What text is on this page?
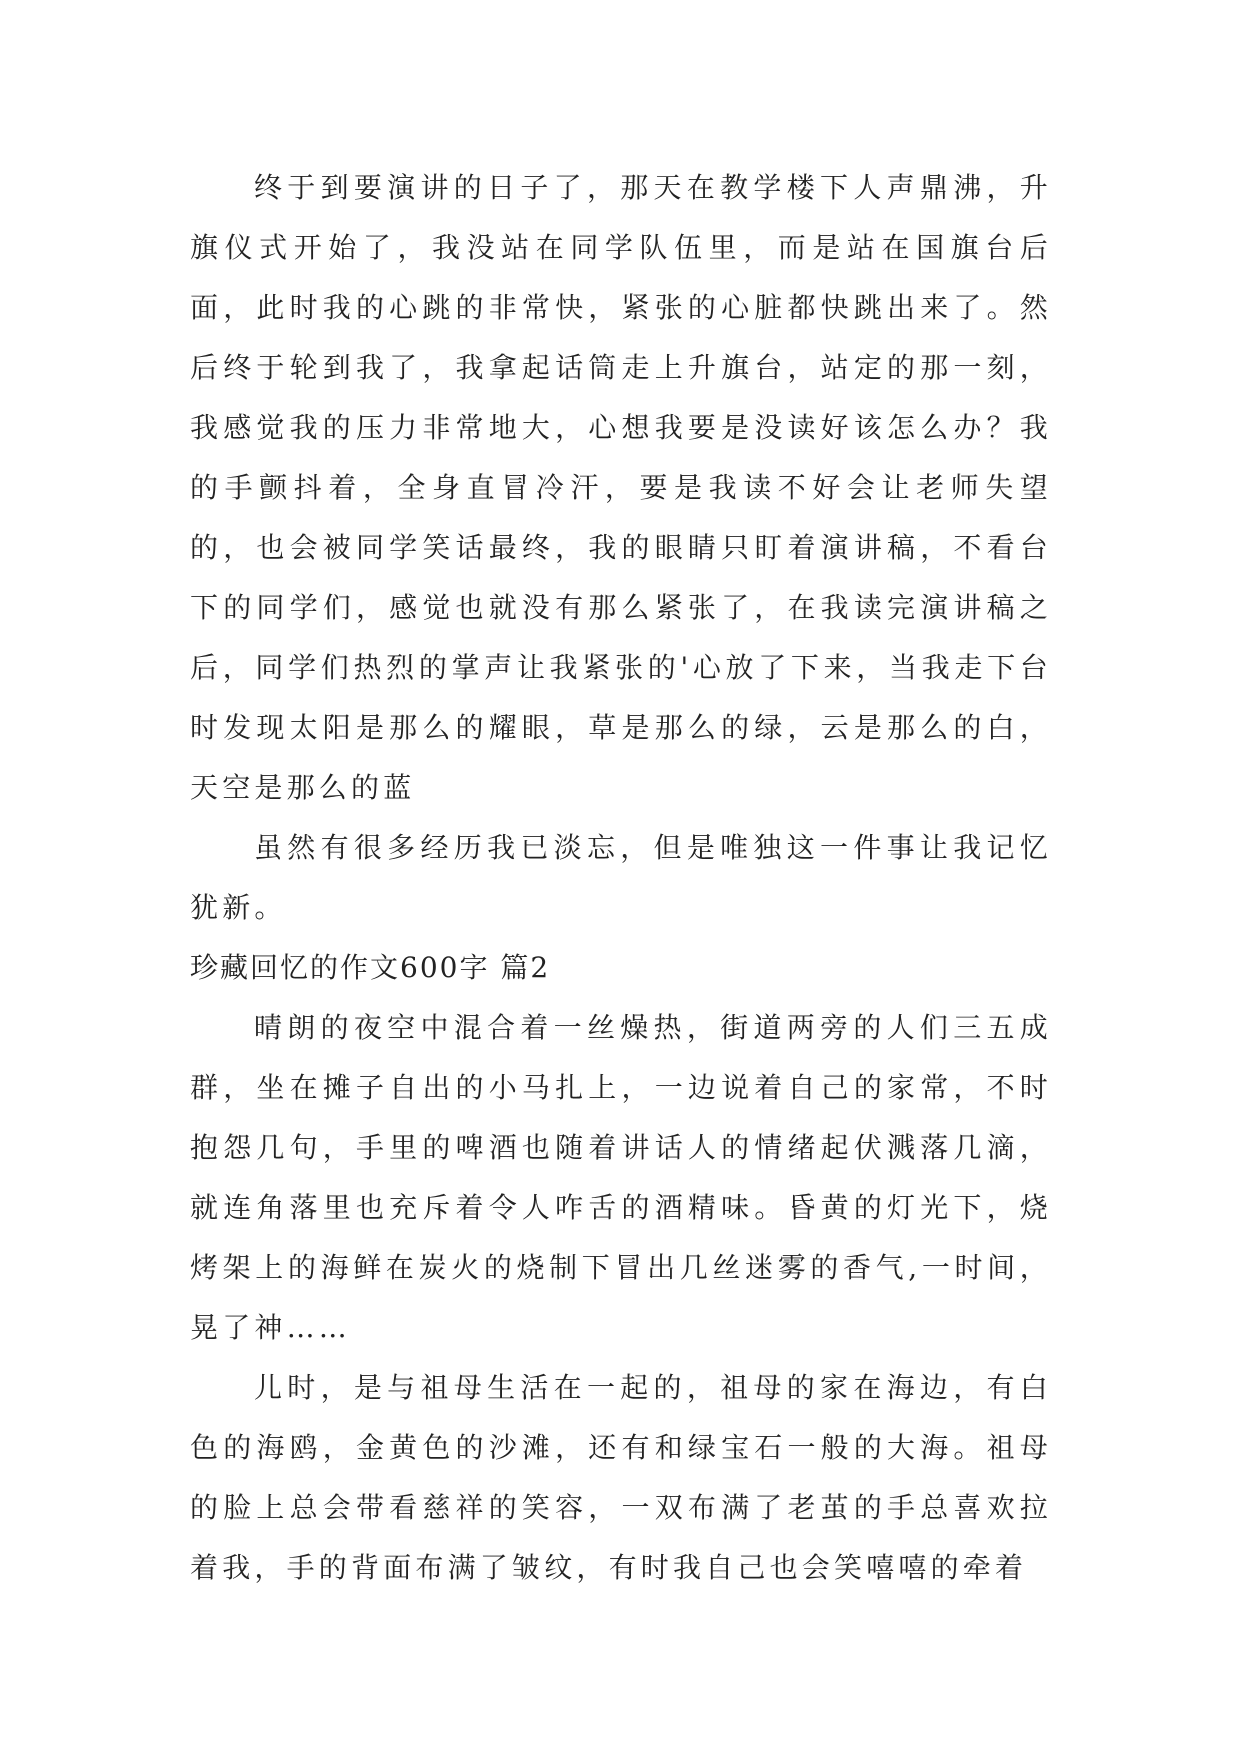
终于到要演讲的日子了，那天在教学楼下人声鼎沸，升旗仪式开始了，我没站在同学队伍里，而是站在国旗台后面，此时我的心跳的非常快，紧张的心脏都快跳出来了。然后终于轮到我了，我拿起话筒走上升旗台，站定的那一刻，我感觉我的压力非常地大，心想我要是没读好该怎么办？我的手颤抖着，全身直冒冷汗，要是我读不好会让老师失望的，也会被同学笑话最终，我的眼睛只盯着演讲稿，不看台下的同学们，感觉也就没有那么紧张了，在我读完演讲稿之后，同学们热烈的掌声让我紧张的'心放了下来，当我走下台时发现太阳是那么的耀眼，草是那么的绿，云是那么的白，天空是那么的蓝

虽然有很多经历我已淡忘，但是唯独这一件事让我记忆犹新。

珍藏回忆的作文600字 篇2

晴朗的夜空中混合着一丝燥热，街道两旁的人们三五成群，坐在摊子自出的小马扎上，一边说着自己的家常，不时抱怨几句，手里的啤酒也随着讲话人的情绪起伏溅落几滴，就连角落里也充斥着令人咋舌的酒精味。昏黄的灯光下，烧烤架上的海鲜在炭火的烧制下冒出几丝迷雾的香气,一时间，晃了神……

儿时，是与祖母生活在一起的，祖母的家在海边，有白色的海鸥，金黄色的沙滩，还有和绿宝石一般的大海。祖母的脸上总会带看慈祥的笑容，一双布满了老茧的手总喜欢拉着我，手的背面布满了皱纹，有时我自己也会笑嘻嘻的牵着
